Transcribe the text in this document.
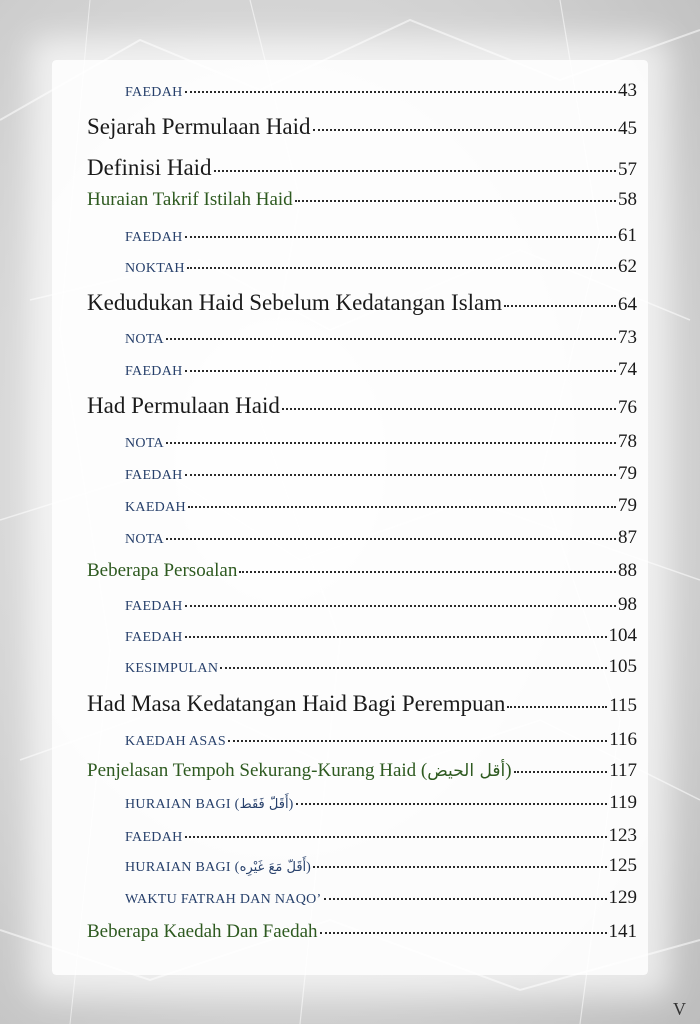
FAEDAH	43
Sejarah Permulaan Haid	45
Definisi Haid	57
Huraian Takrif Istilah Haid	58
FAEDAH	61
NOKTAH	62
Kedudukan Haid Sebelum Kedatangan Islam	64
NOTA	73
FAEDAH	74
Had Permulaan Haid	76
NOTA	78
FAEDAH	79
KAEDAH	79
NOTA	87
Beberapa Persoalan	88
FAEDAH	98
FAEDAH	104
KESIMPULAN	105
Had Masa Kedatangan Haid Bagi Perempuan	115
KAEDAH ASAS	116
Penjelasan Tempoh Sekurang-Kurang Haid (أقل الحيض)	117
HURAIAN BAGI (أَقَلّ فَقَط)	119
FAEDAH	123
HURAIAN BAGI (أَقَلّ مَعَ غَيْرِه)	125
WAKTU FATRAH DAN NAQO’	129
Beberapa Kaedah Dan Faedah	141
V
